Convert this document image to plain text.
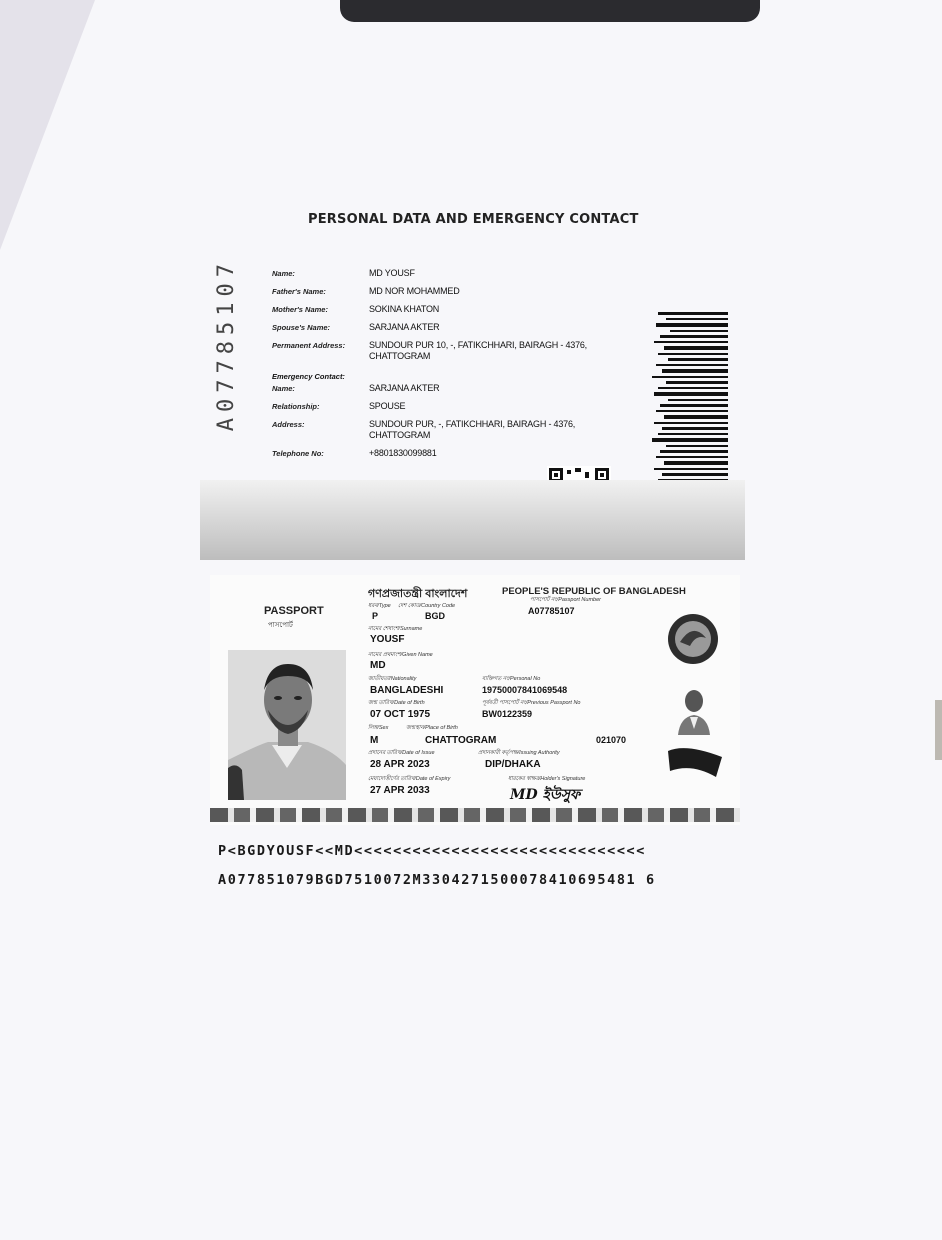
PERSONAL DATA AND EMERGENCY CONTACT
A07785107	Name:	MD YOUSF
Father's Name:	MD NOR MOHAMMED
Mother's Name:	SOKINA KHATON
Spouse's Name:	SARJANA AKTER
Permanent Address:	SUNDOUR PUR 10, -, FATIKCHHARI, BAIRAGH - 4376, CHATTOGRAM
Emergency Contact:
Name:	SARJANA AKTER
Relationship:	SPOUSE
Address:	SUNDOUR PUR, -, FATIKCHHARI, BAIRAGH - 4376, CHATTOGRAM
Telephone No:	+8801830099881
গণপ্রজাতন্ত্রী বাংলাদেশ	PEOPLE'S REPUBLIC OF BANGLADESH
PASSPORT
পাসপোর্ট
ধরন/Type
P
দেশ কোড/Country Code
BGD
পাসপোর্ট নং/Passport Number
A07785107
নামের শেষাংশ/Surname
YOUSF
নামের প্রথমাংশ/Given Name
MD
জাতীয়তা/Nationality
BANGLADESHI
ব্যক্তিগত নং/Personal No
19750007841069548
জন্ম তারিখ/Date of Birth
07 OCT 1975
পূর্ববর্তী পাসপোর্ট নং/Previous Passport No
BW0122359
লিঙ্গ/Sex
M
জন্মস্থান/Place of Birth
CHATTOGRAM	021070
প্রদানের তারিখ/Date of Issue
28 APR 2023
প্রদানকারী কর্তৃপক্ষ/Issuing Authority
DIP/DHAKA
মেয়াদোত্তীর্ণের তারিখ/Date of Expiry
27 APR 2033
ধারকের স্বাক্ষর/Holder's Signature
MD ইউসুফ
P<BGDYOUSF<<MD<<<<<<<<<<<<<<<<<<<<<<<<<<<<<<
A077851079BGD7510072M3304271500078410695481 6
